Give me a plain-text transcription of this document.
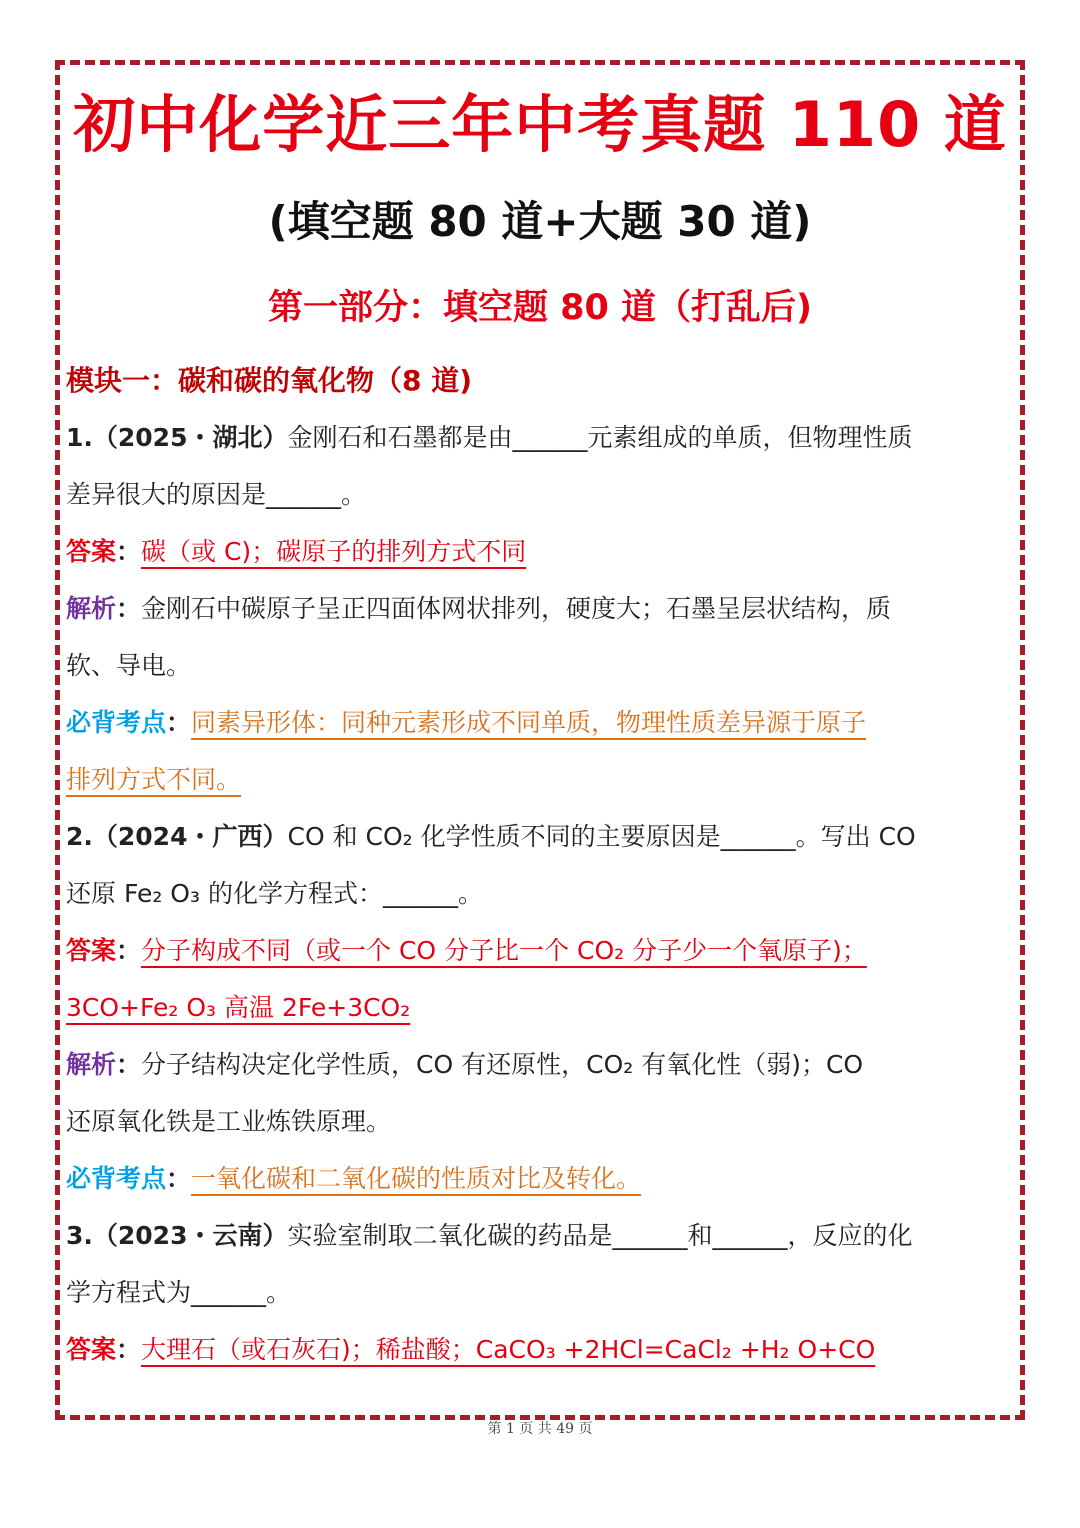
初中化学近三年中考真题 110 道
(填空题 80 道+大题 30 道)
第一部分：填空题 80 道（打乱后)
模块一：碳和碳的氧化物（8 道)
1.（2025・湖北）金刚石和石墨都是由______元素组成的单质，但物理性质
差异很大的原因是______。
答案：碳（或 C)；碳原子的排列方式不同
解析：金刚石中碳原子呈正四面体网状排列，硬度大；石墨呈层状结构，质
软、导电。
必背考点：同素异形体：同种元素形成不同单质，物理性质差异源于原子
排列方式不同。
2.（2024・广西）CO 和 CO₂ 化学性质不同的主要原因是______。写出 CO
还原 Fe₂ O₃ 的化学方程式：______。
答案：分子构成不同（或一个 CO 分子比一个 CO₂ 分子少一个氧原子)；
3CO+Fe₂ O₃ 高温 2Fe+3CO₂
解析：分子结构决定化学性质，CO 有还原性，CO₂ 有氧化性（弱)；CO
还原氧化铁是工业炼铁原理。
必背考点：一氧化碳和二氧化碳的性质对比及转化。
3.（2023・云南）实验室制取二氧化碳的药品是______和______，反应的化
学方程式为______。
答案：大理石（或石灰石)；稀盐酸；CaCO₃ +2HCl=CaCl₂ +H₂ O+CO
第 1 页 共 49 页
